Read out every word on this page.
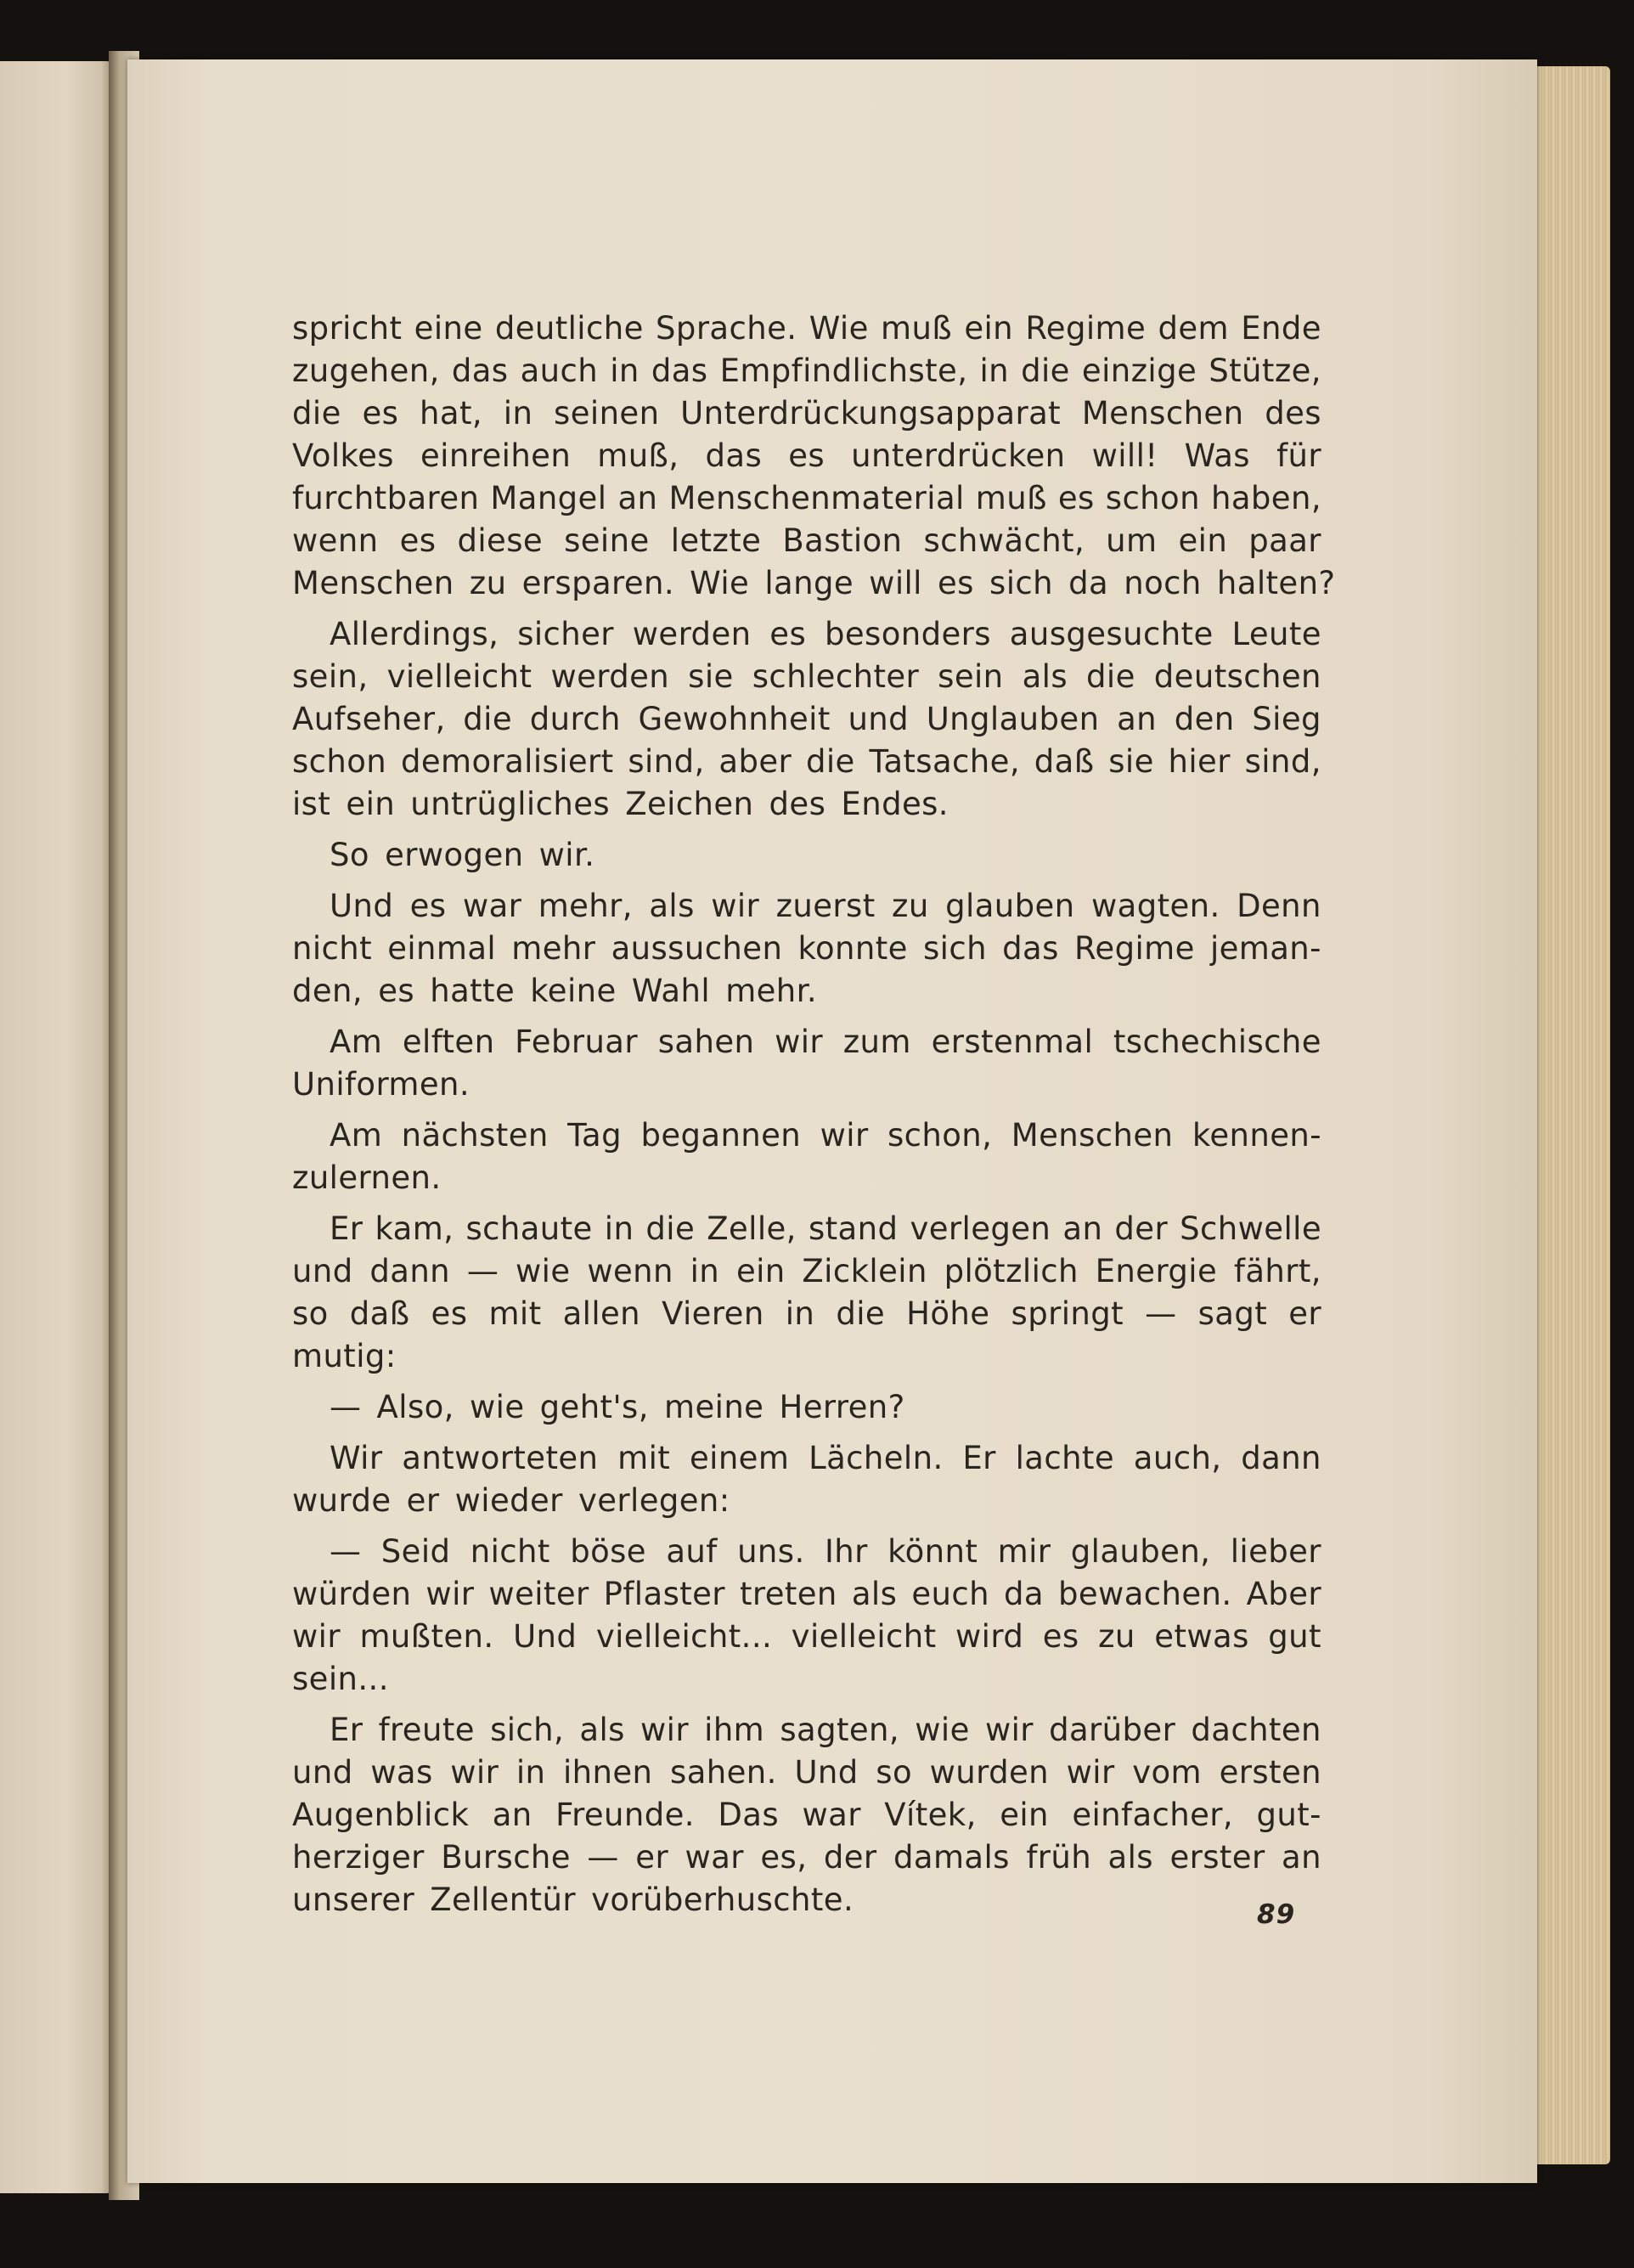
spricht eine deutliche Sprache. Wie muß ein Regime dem Ende
zugehen, das auch in das Empfindlichste, in die einzige Stütze,
die es hat, in seinen Unterdrückungsapparat Menschen des
Volkes einreihen muß, das es unterdrücken will! Was für
furchtbaren Mangel an Menschenmaterial muß es schon haben,
wenn es diese seine letzte Bastion schwächt, um ein paar
Menschen zu ersparen. Wie lange will es sich da noch halten?
Allerdings, sicher werden es besonders ausgesuchte Leute
sein, vielleicht werden sie schlechter sein als die deutschen
Aufseher, die durch Gewohnheit und Unglauben an den Sieg
schon demoralisiert sind, aber die Tatsache, daß sie hier sind,
ist ein untrügliches Zeichen des Endes.
So erwogen wir.
Und es war mehr, als wir zuerst zu glauben wagten. Denn
nicht einmal mehr aussuchen konnte sich das Regime jeman-
den, es hatte keine Wahl mehr.
Am elften Februar sahen wir zum erstenmal tschechische
Uniformen.
Am nächsten Tag begannen wir schon, Menschen kennen-
zulernen.
Er kam, schaute in die Zelle, stand verlegen an der Schwelle
und dann — wie wenn in ein Zicklein plötzlich Energie fährt,
so daß es mit allen Vieren in die Höhe springt — sagt er
mutig:
— Also, wie geht's, meine Herren?
Wir antworteten mit einem Lächeln. Er lachte auch, dann
wurde er wieder verlegen:
— Seid nicht böse auf uns. Ihr könnt mir glauben, lieber
würden wir weiter Pflaster treten als euch da bewachen. Aber
wir mußten. Und vielleicht... vielleicht wird es zu etwas gut
sein...
Er freute sich, als wir ihm sagten, wie wir darüber dachten
und was wir in ihnen sahen. Und so wurden wir vom ersten
Augenblick an Freunde. Das war Vítek, ein einfacher, gut-
herziger Bursche — er war es, der damals früh als erster an
unserer Zellentür vorüberhuschte.	89
